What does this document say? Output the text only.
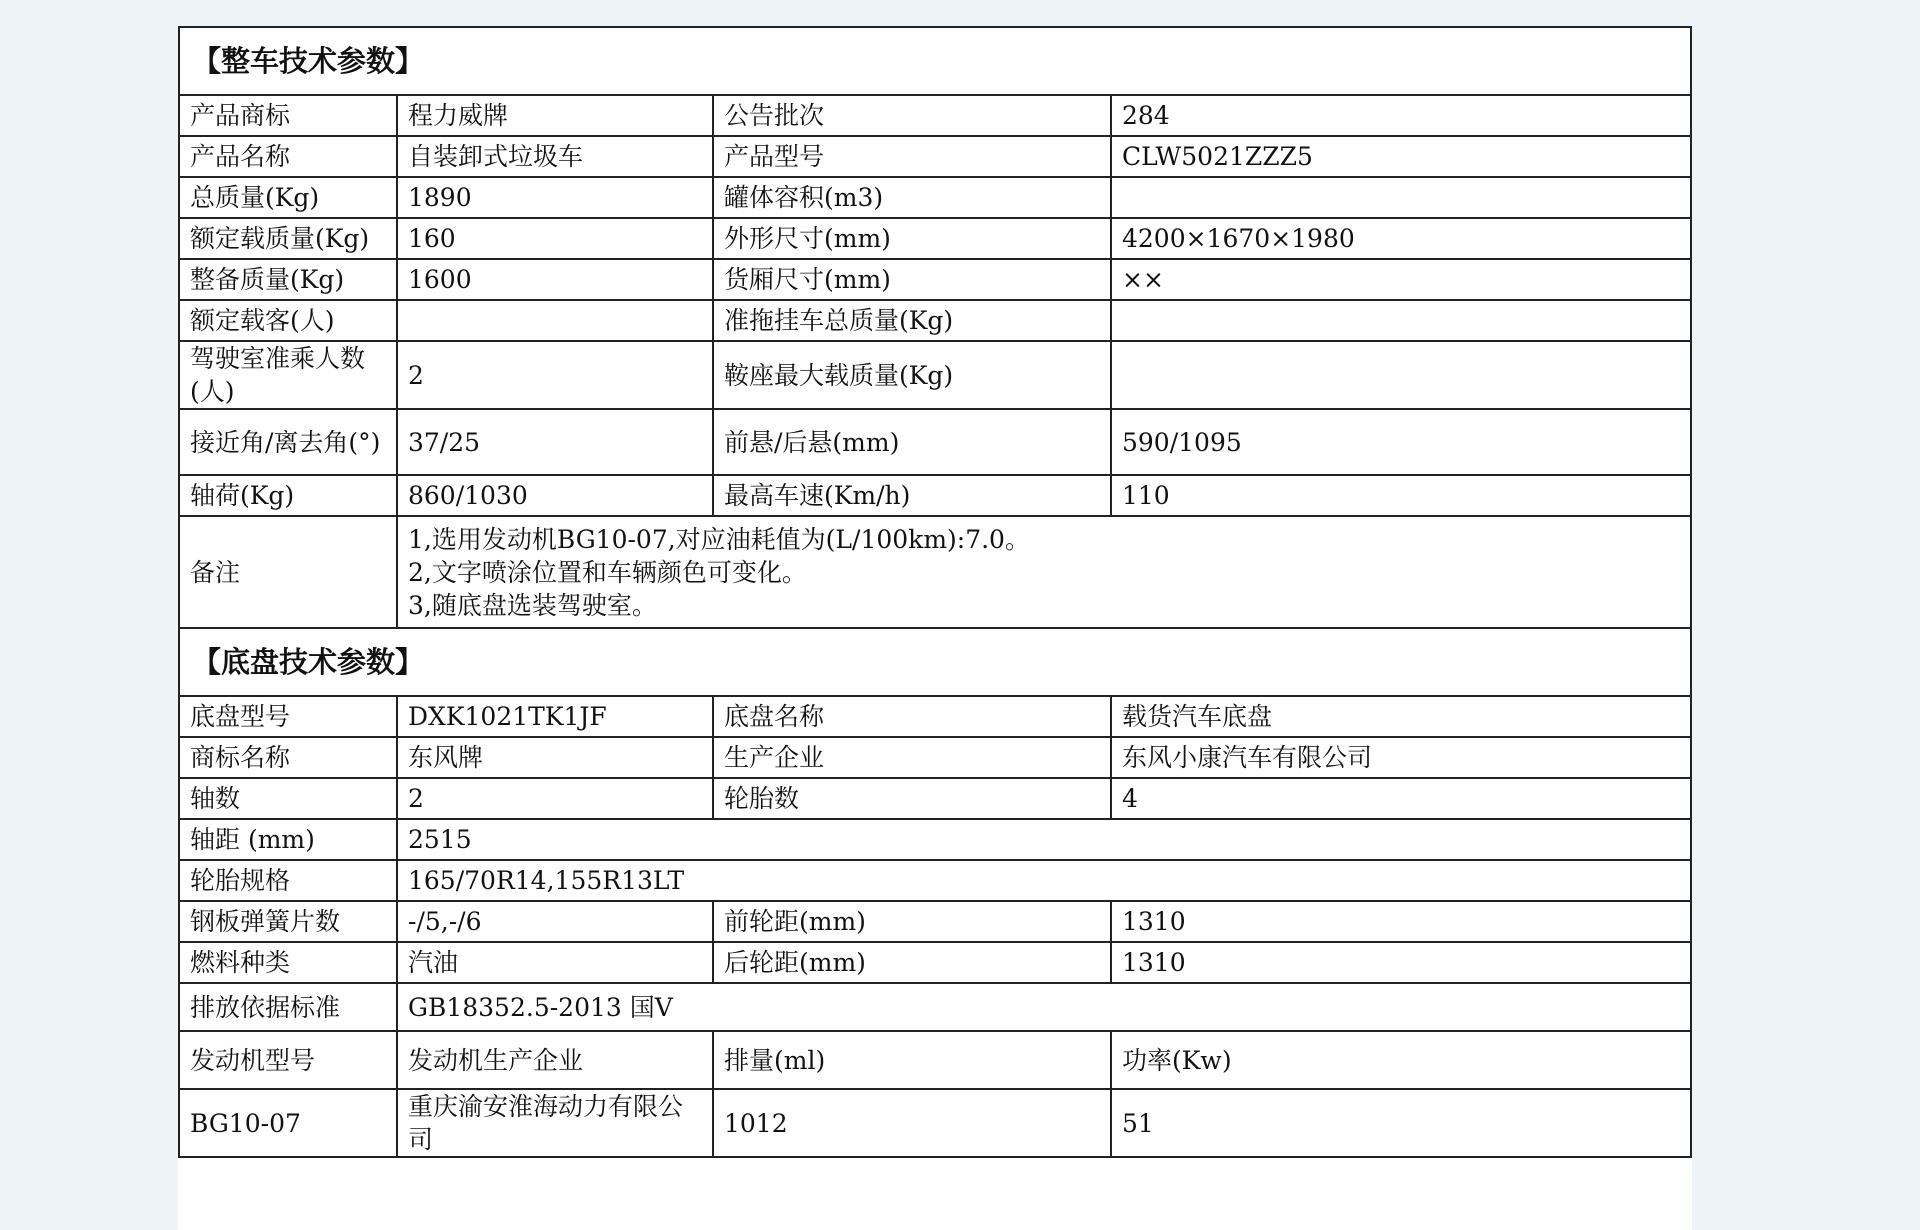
【整车技术参数】			
产品商标	程力威牌	公告批次	284
产品名称	自装卸式垃圾车	产品型号	CLW5021ZZZ5
总质量(Kg)	1890	罐体容积(m3)	
额定载质量(Kg)	160	外形尺寸(mm)	4200×1670×1980
整备质量(Kg)	1600	货厢尺寸(mm)	××
额定载客(人)		准拖挂车总质量(Kg)	
驾驶室准乘人数(人)	2	鞍座最大载质量(Kg)	
接近角/离去角(°)	37/25	前悬/后悬(mm)	590/1095
轴荷(Kg)	860/1030	最高车速(Km/h)	110
备注	1,选用发动机BG10-07,对应油耗值为(L/100km):7.0。
2,文字喷涂位置和车辆颜色可变化。
3,随底盘选装驾驶室。		

【底盘技术参数】			
底盘型号	DXK1021TK1JF	底盘名称	载货汽车底盘
商标名称	东风牌	生产企业	东风小康汽车有限公司
轴数	2	轮胎数	4
轴距 (mm)	2515		
轮胎规格	165/70R14,155R13LT		
钢板弹簧片数	-/5,-/6	前轮距(mm)	1310
燃料种类	汽油	后轮距(mm)	1310
排放依据标准	GB18352.5-2013 国Ⅴ		
发动机型号	发动机生产企业	排量(ml)	功率(Kw)
BG10-07	重庆渝安淮海动力有限公司	1012	51
